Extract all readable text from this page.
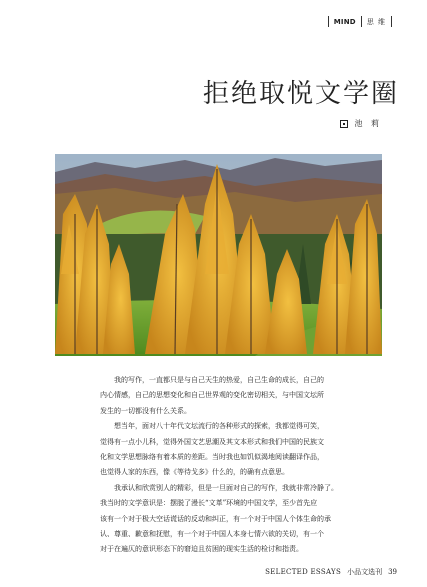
MIND 思 维
拒绝取悦文学圈
池 莉

我的写作，一直都只是与自己天生的热爱，自己生命的成长，自己的
内心情感，自己的思想变化和自己世界观的变化密切相关，与中国文坛所
发生的一切都没有什么关系。

想当年，面对八十年代文坛流行的各种形式的探索，我都觉得可笑，
觉得有一点小儿科，觉得外国文艺思潮及其文本形式和我们中国的民族文
化和文学思想脉络有着本质的差距。当时我也如饥似渴地阅读翻译作品，
也觉得人家的东西，像《等待戈多》什么的，的确有点意思。

我承认和欣赏别人的精彩，但是一旦面对自己的写作，我就非常冷静了。
我当时的文学意识是：摆脱了漫长“文革”环境的中国文学，至少首先应
该有一个对于极大空话谎话的反动和纠正，有一个对于中国人个体生命的承
认、尊重、歉意和抚慰，有一个对于中国人本身七情六欲的关切，有一个
对于在遍仄的意识形态下的窘迫且贫困的现实生活的检讨和指责。

SELECTED ESSAYS 小品文选刊 39
